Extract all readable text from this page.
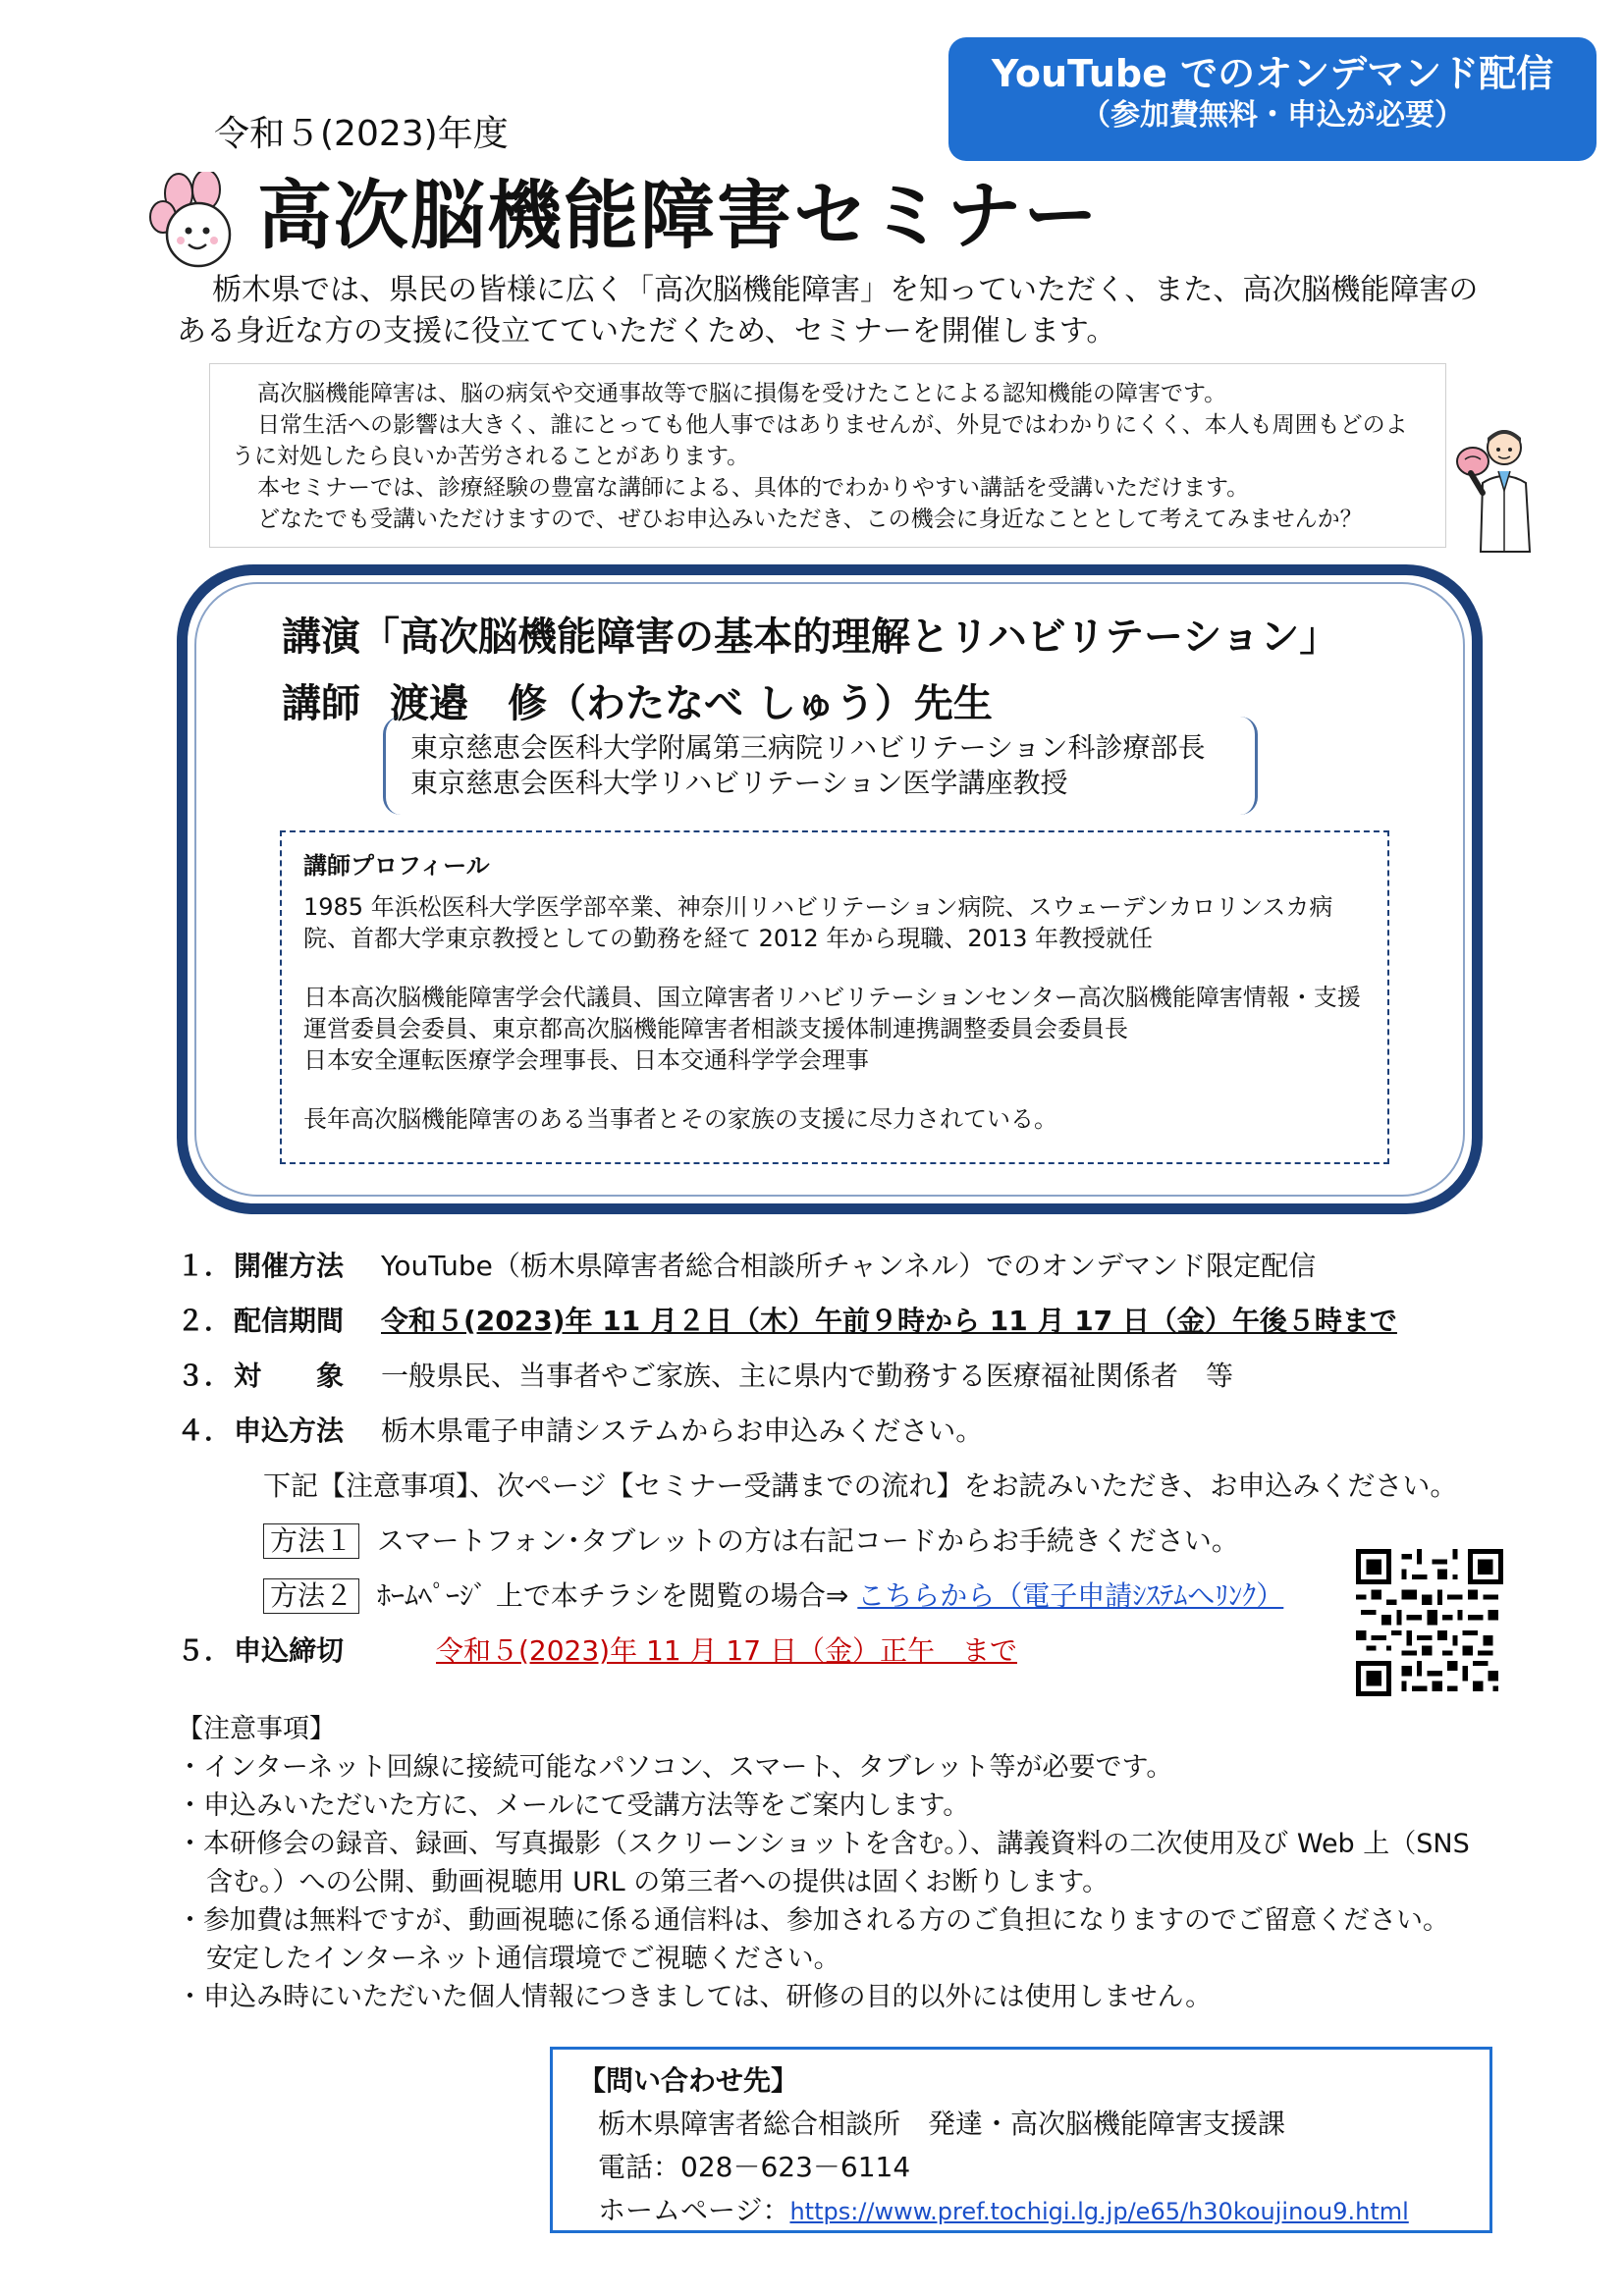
YouTube でのオンデマンド配信
（参加費無料・申込が必要）
令和５(2023)年度
高次脳機能障害セミナー
栃木県では、県民の皆様に広く「高次脳機能障害」を知っていただく、また、高次脳機能障害のある身近な方の支援に役立てていただくため、セミナーを開催します。

高次脳機能障害は、脳の病気や交通事故等で脳に損傷を受けたことによる認知機能の障害です。

日常生活への影響は大きく、誰にとっても他人事ではありませんが、外見ではわかりにくく、本人も周囲もどのように対処したら良いか苦労されることがあります。

本セミナーでは、診療経験の豊富な講師による、具体的でわかりやすい講話を受講いただけます。

どなたでも受講いただけますので、ぜひお申込みいただき、この機会に身近なこととして考えてみませんか？

講演「高次脳機能障害の基本的理解とリハビリテーション」
講師 渡邉　修（わたなべ しゅう）先生
東京慈恵会医科大学附属第三病院リハビリテーション科診療部長
東京慈恵会医科大学リハビリテーション医学講座教授
講師プロフィール

1985 年浜松医科大学医学部卒業、神奈川リハビリテーション病院、スウェーデンカロリンスカ病院、首都大学東京教授としての勤務を経て 2012 年から現職、2013 年教授就任

日本高次脳機能障害学会代議員、国立障害者リハビリテーションセンター高次脳機能障害情報・支援運営委員会委員、東京都高次脳機能障害者相談支援体制連携調整委員会委員長

日本安全運転医療学会理事長、日本交通科学学会理事

長年高次脳機能障害のある当事者とその家族の支援に尽力されている。

１．開催方法 YouTube（栃木県障害者総合相談所チャンネル）でのオンデマンド限定配信
２．配信期間 令和５(2023)年 11 月２日（木）午前９時から 11 月 17 日（金）午後５時まで
３．対　　象 一般県民、当事者やご家族、主に県内で勤務する医療福祉関係者　等
４．申込方法 栃木県電子申請システムからお申込みください。
下記【注意事項】、次ページ【セミナー受講までの流れ】をお読みいただき、お申込みください。
方法１ スマートフォン･タブレットの方は右記コードからお手続きください。
方法２ ﾎｰﾑﾍﾟｰｼﾞ 上で本チラシを閲覧の場合⇒ こちらから（電子申請ｼｽﾃﾑへﾘﾝｸ）
５．申込締切	令和５(2023)年 11 月 17 日（金）正午　まで

【注意事項】

・インターネット回線に接続可能なパソコン、スマート、タブレット等が必要です。

・申込みいただいた方に、メールにて受講方法等をご案内します。

・本研修会の録音、録画、写真撮影（スクリーンショットを含む。）、講義資料の二次使用及び Web 上（SNS 含む。）への公開、動画視聴用 URL の第三者への提供は固くお断りします。

・参加費は無料ですが、動画視聴に係る通信料は、参加される方のご負担になりますのでご留意ください。安定したインターネット通信環境でご視聴ください。

・申込み時にいただいた個人情報につきましては、研修の目的以外には使用しません。

【問い合わせ先】
栃木県障害者総合相談所　発達・高次脳機能障害支援課
電話：028－623－6114
ホームページ：https://www.pref.tochigi.lg.jp/e65/h30koujinou9.html
